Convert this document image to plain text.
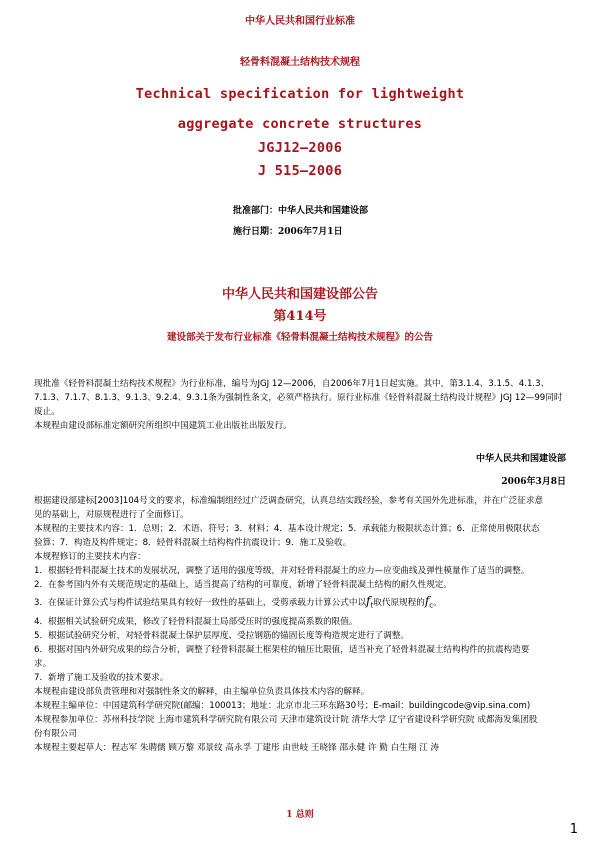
中华人民共和国行业标准
轻骨料混凝土结构技术规程
Technical specification for lightweight
aggregate concrete structures
JGJ12—2006
J 515—2006
批准部门：中华人民共和国建设部
施行日期：2006年7月1日
中华人民共和国建设部公告
第414号
建设部关于发布行业标准《轻骨料混凝土结构技术规程》的公告
现批准《轻骨料混凝土结构技术规程》为行业标准，编号为JGJ 12—2006，自2006年7月1日起实施。其中，第3.1.4、3.1.5、4.1.3、
7.1.3、7.1.7、8.1.3、9.1.3、9.2.4、9.3.1条为强制性条文，必须严格执行。原行业标准《轻骨料混凝土结构设计规程》JGJ 12—99同时
废止。
本规程由建设部标准定额研究所组织中国建筑工业出版社出版发行。
中华人民共和国建设部
2006年3月8日
根据建设部建标[2003]104号文的要求，标准编制组经过广泛调查研究，认真总结实践经验，参考有关国外先进标准，并在广泛征求意
见的基础上，对原规程进行了全面修订。
本规程的主要技术内容：1．总则；2．术语、符号；3．材料；4．基本设计规定；5．承载能力极限状态计算；6．正常使用极限状态
验算；7．构造及构件规定；8．轻骨料混凝土结构构件抗震设计；9．施工及验收。
本规程修订的主要技术内容：
1．根据轻骨料混凝土技术的发展状况，调整了适用的强度等级，并对轻骨料混凝土的应力—应变曲线及弹性模量作了适当的调整。
2．在参考国内外有关规范规定的基础上，适当提高了结构的可靠度，新增了轻骨料混凝土结构的耐久性规定。
3．在保证计算公式与构件试验结果具有较好一致性的基础上，受剪承载力计算公式中以$f_t$取代原规程的$f_c$。
4．根据相关试验研究成果，修改了轻骨料混凝土局部受压时的强度提高系数的限值。
5．根据试验研究分析，对轻骨料混凝土保护层厚度、受拉钢筋的锚固长度等构造规定进行了调整。
6．根据对国内外研究成果的综合分析，调整了轻骨料混凝土框架柱的轴压比限值，适当补充了轻骨料混凝土结构构件的抗震构造要
求。
7．新增了施工及验收的技术要求。
本规程由建设部负责管理和对强制性条文的解释，由主编单位负责具体技术内容的解释。
本规程主编单位：中国建筑科学研究院(邮编：100013；地址：北京市北三环东路30号；E-mail：buildingcode@vip.sina.com)
本规程参加单位：苏州科技学院 上海市建筑科学研究院有限公司 天津市建筑设计院 清华大学 辽宁省建设科学研究院 成都海发集团股
份有限公司
本规程主要起草人：程志军 朱聘儒 顾万黎 邓景纹 高永孚 丁建彤 由世岐 王晓锋 邵永健 许 勤 白生翔 江 涛
1 总则
1
